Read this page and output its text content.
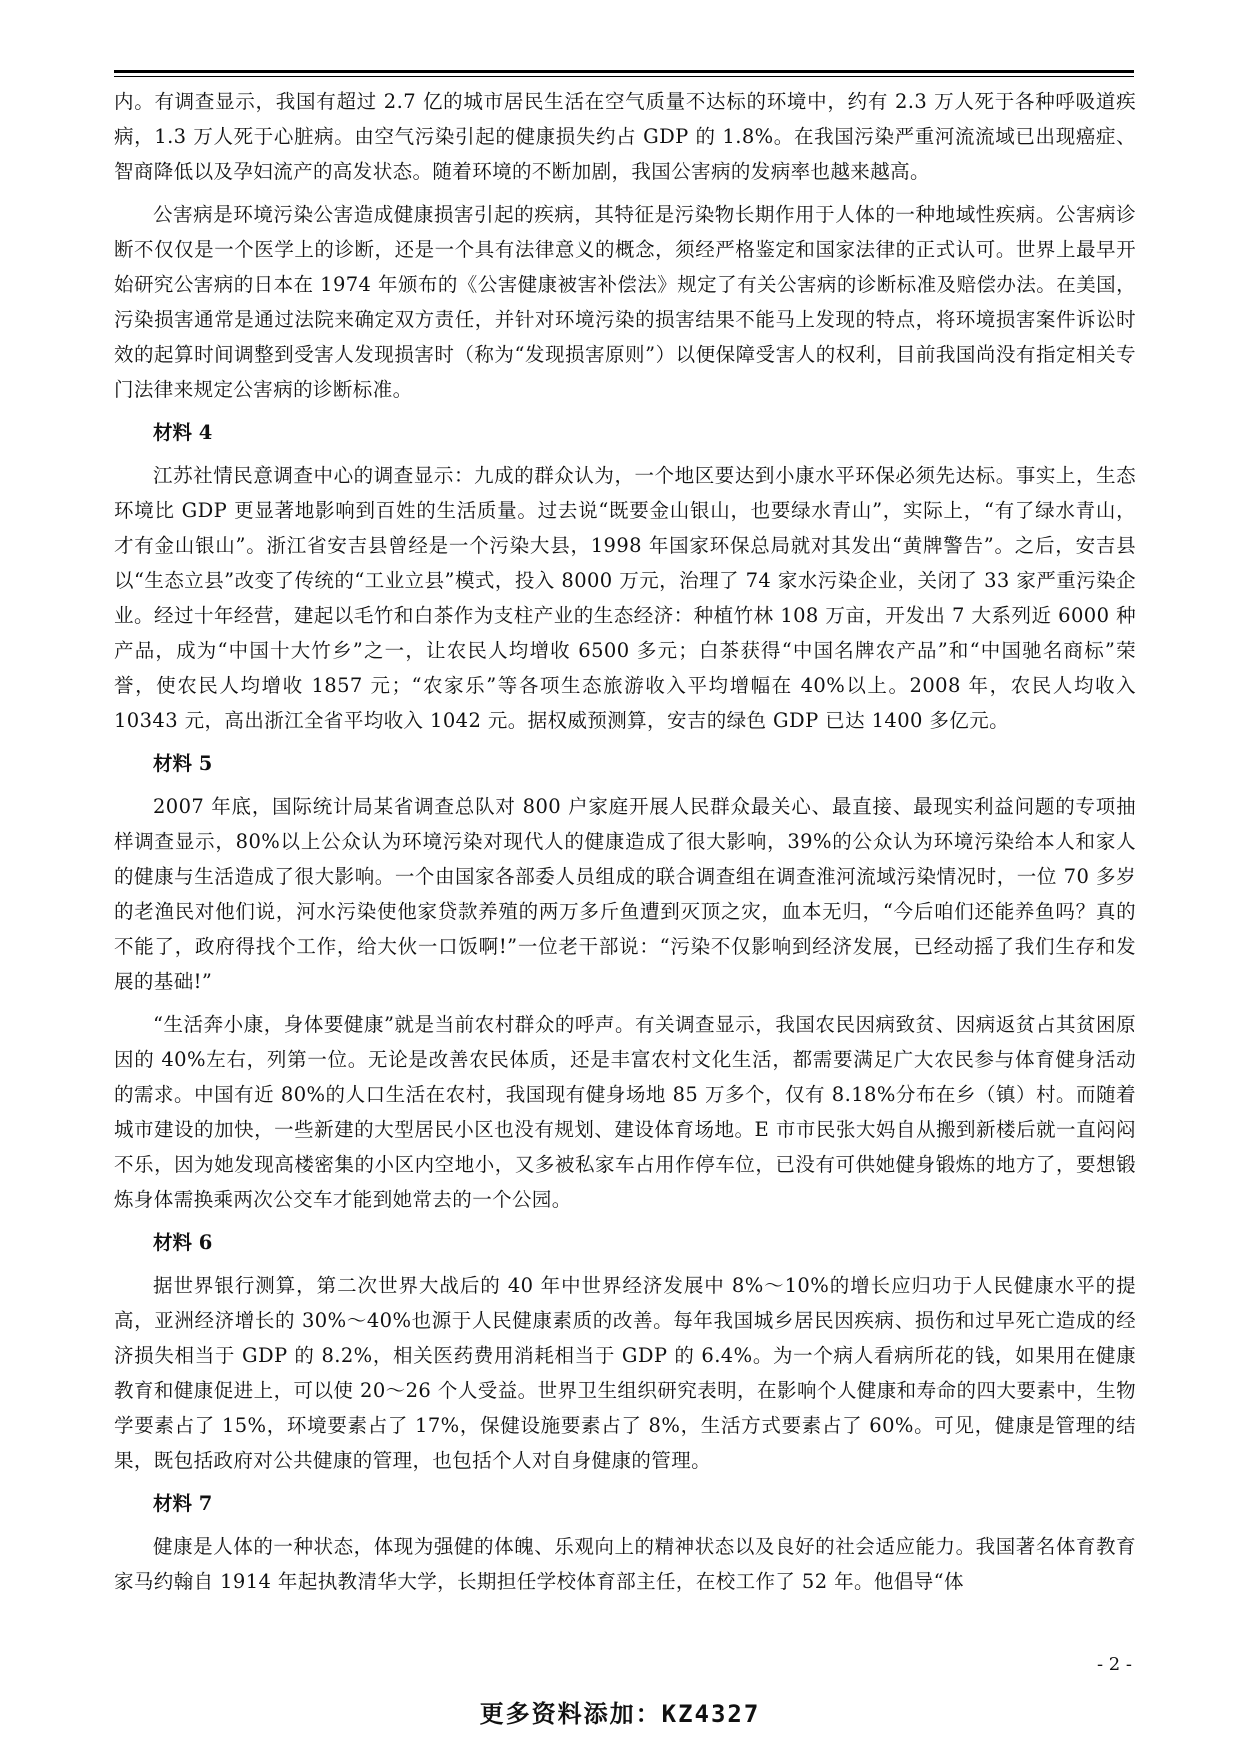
内。有调查显示，我国有超过 2.7 亿的城市居民生活在空气质量不达标的环境中，约有 2.3 万人死于各种呼吸道疾病，1.3 万人死于心脏病。由空气污染引起的健康损失约占 GDP 的 1.8%。在我国污染严重河流流域已出现癌症、智商降低以及孕妇流产的高发状态。随着环境的不断加剧，我国公害病的发病率也越来越高。

公害病是环境污染公害造成健康损害引起的疾病，其特征是污染物长期作用于人体的一种地域性疾病。公害病诊断不仅仅是一个医学上的诊断，还是一个具有法律意义的概念，须经严格鉴定和国家法律的正式认可。世界上最早开始研究公害病的日本在 1974 年颁布的《公害健康被害补偿法》规定了有关公害病的诊断标准及赔偿办法。在美国，污染损害通常是通过法院来确定双方责任，并针对环境污染的损害结果不能马上发现的特点，将环境损害案件诉讼时效的起算时间调整到受害人发现损害时（称为“发现损害原则”）以便保障受害人的权利，目前我国尚没有指定相关专门法律来规定公害病的诊断标准。

材料 4

江苏社情民意调查中心的调查显示：九成的群众认为，一个地区要达到小康水平环保必须先达标。事实上，生态环境比 GDP 更显著地影响到百姓的生活质量。过去说“既要金山银山，也要绿水青山”，实际上，“有了绿水青山，才有金山银山”。浙江省安吉县曾经是一个污染大县，1998 年国家环保总局就对其发出“黄牌警告”。之后，安吉县以“生态立县”改变了传统的“工业立县”模式，投入 8000 万元，治理了 74 家水污染企业，关闭了 33 家严重污染企业。经过十年经营，建起以毛竹和白茶作为支柱产业的生态经济：种植竹林 108 万亩，开发出 7 大系列近 6000 种产品，成为“中国十大竹乡”之一，让农民人均增收 6500 多元；白茶获得“中国名牌农产品”和“中国驰名商标”荣誉，使农民人均增收 1857 元；“农家乐”等各项生态旅游收入平均增幅在 40%以上。2008 年，农民人均收入 10343 元，高出浙江全省平均收入 1042 元。据权威预测算，安吉的绿色 GDP 已达 1400 多亿元。

材料 5

2007 年底，国际统计局某省调查总队对 800 户家庭开展人民群众最关心、最直接、最现实利益问题的专项抽样调查显示，80%以上公众认为环境污染对现代人的健康造成了很大影响，39%的公众认为环境污染给本人和家人的健康与生活造成了很大影响。一个由国家各部委人员组成的联合调查组在调查淮河流域污染情况时，一位 70 多岁的老渔民对他们说，河水污染使他家贷款养殖的两万多斤鱼遭到灭顶之灾，血本无归，“今后咱们还能养鱼吗？真的不能了，政府得找个工作，给大伙一口饭啊!”一位老干部说：“污染不仅影响到经济发展，已经动摇了我们生存和发展的基础!”

“生活奔小康，身体要健康”就是当前农村群众的呼声。有关调查显示，我国农民因病致贫、因病返贫占其贫困原因的 40%左右，列第一位。无论是改善农民体质，还是丰富农村文化生活，都需要满足广大农民参与体育健身活动的需求。中国有近 80%的人口生活在农村，我国现有健身场地 85 万多个，仅有 8.18%分布在乡（镇）村。而随着城市建设的加快，一些新建的大型居民小区也没有规划、建设体育场地。E 市市民张大妈自从搬到新楼后就一直闷闷不乐，因为她发现高楼密集的小区内空地小，又多被私家车占用作停车位，已没有可供她健身锻炼的地方了，要想锻炼身体需换乘两次公交车才能到她常去的一个公园。

材料 6

据世界银行测算，第二次世界大战后的 40 年中世界经济发展中 8%～10%的增长应归功于人民健康水平的提高，亚洲经济增长的 30%～40%也源于人民健康素质的改善。每年我国城乡居民因疾病、损伤和过早死亡造成的经济损失相当于 GDP 的 8.2%，相关医药费用消耗相当于 GDP 的 6.4%。为一个病人看病所花的钱，如果用在健康教育和健康促进上，可以使 20～26 个人受益。世界卫生组织研究表明，在影响个人健康和寿命的四大要素中，生物学要素占了 15%，环境要素占了 17%，保健设施要素占了 8%，生活方式要素占了 60%。可见，健康是管理的结果，既包括政府对公共健康的管理，也包括个人对自身健康的管理。

材料 7

健康是人体的一种状态，体现为强健的体魄、乐观向上的精神状态以及良好的社会适应能力。我国著名体育教育家马约翰自 1914 年起执教清华大学，长期担任学校体育部主任，在校工作了 52 年。他倡导“体

- 2 -
更多资料添加：KZ4327
